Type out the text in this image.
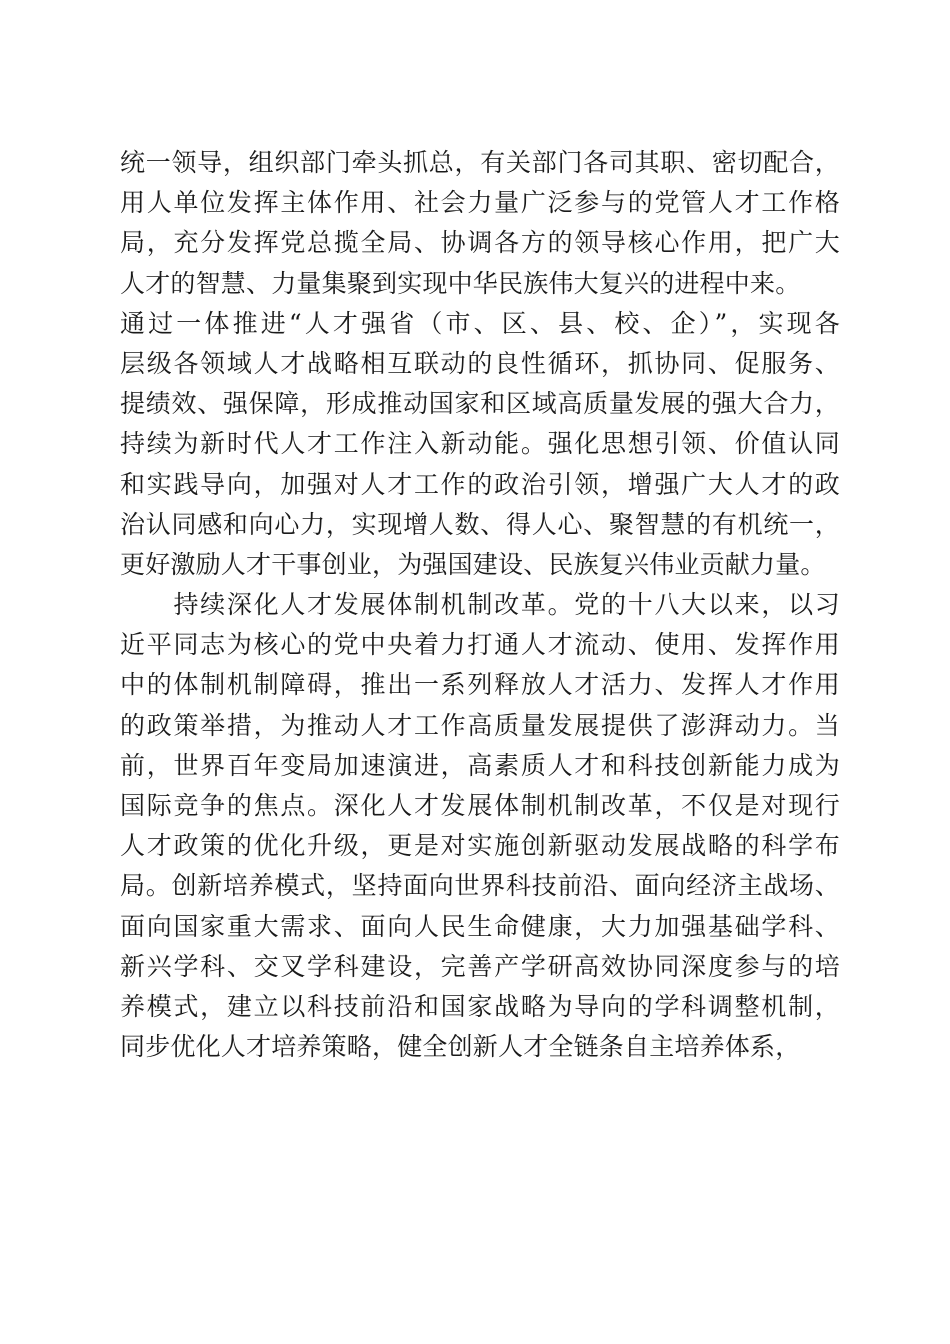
统一领导，组织部门牵头抓总，有关部门各司其职、密切配合，
用人单位发挥主体作用、社会力量广泛参与的党管人才工作格
局，充分发挥党总揽全局、协调各方的领导核心作用，把广大
人才的智慧、力量集聚到实现中华民族伟大复兴的进程中来。
通过一体推进“人才强省（市、区、县、校、企）”，实现各
层级各领域人才战略相互联动的良性循环，抓协同、促服务、
提绩效、强保障，形成推动国家和区域高质量发展的强大合力，
持续为新时代人才工作注入新动能。强化思想引领、价值认同
和实践导向，加强对人才工作的政治引领，增强广大人才的政
治认同感和向心力，实现增人数、得人心、聚智慧的有机统一，
更好激励人才干事创业，为强国建设、民族复兴伟业贡献力量。
　　持续深化人才发展体制机制改革。党的十八大以来，以习
近平同志为核心的党中央着力打通人才流动、使用、发挥作用
中的体制机制障碍，推出一系列释放人才活力、发挥人才作用
的政策举措，为推动人才工作高质量发展提供了澎湃动力。当
前，世界百年变局加速演进，高素质人才和科技创新能力成为
国际竞争的焦点。深化人才发展体制机制改革，不仅是对现行
人才政策的优化升级，更是对实施创新驱动发展战略的科学布
局。创新培养模式，坚持面向世界科技前沿、面向经济主战场、
面向国家重大需求、面向人民生命健康，大力加强基础学科、
新兴学科、交叉学科建设，完善产学研高效协同深度参与的培
养模式，建立以科技前沿和国家战略为导向的学科调整机制，
同步优化人才培养策略，健全创新人才全链条自主培养体系，
